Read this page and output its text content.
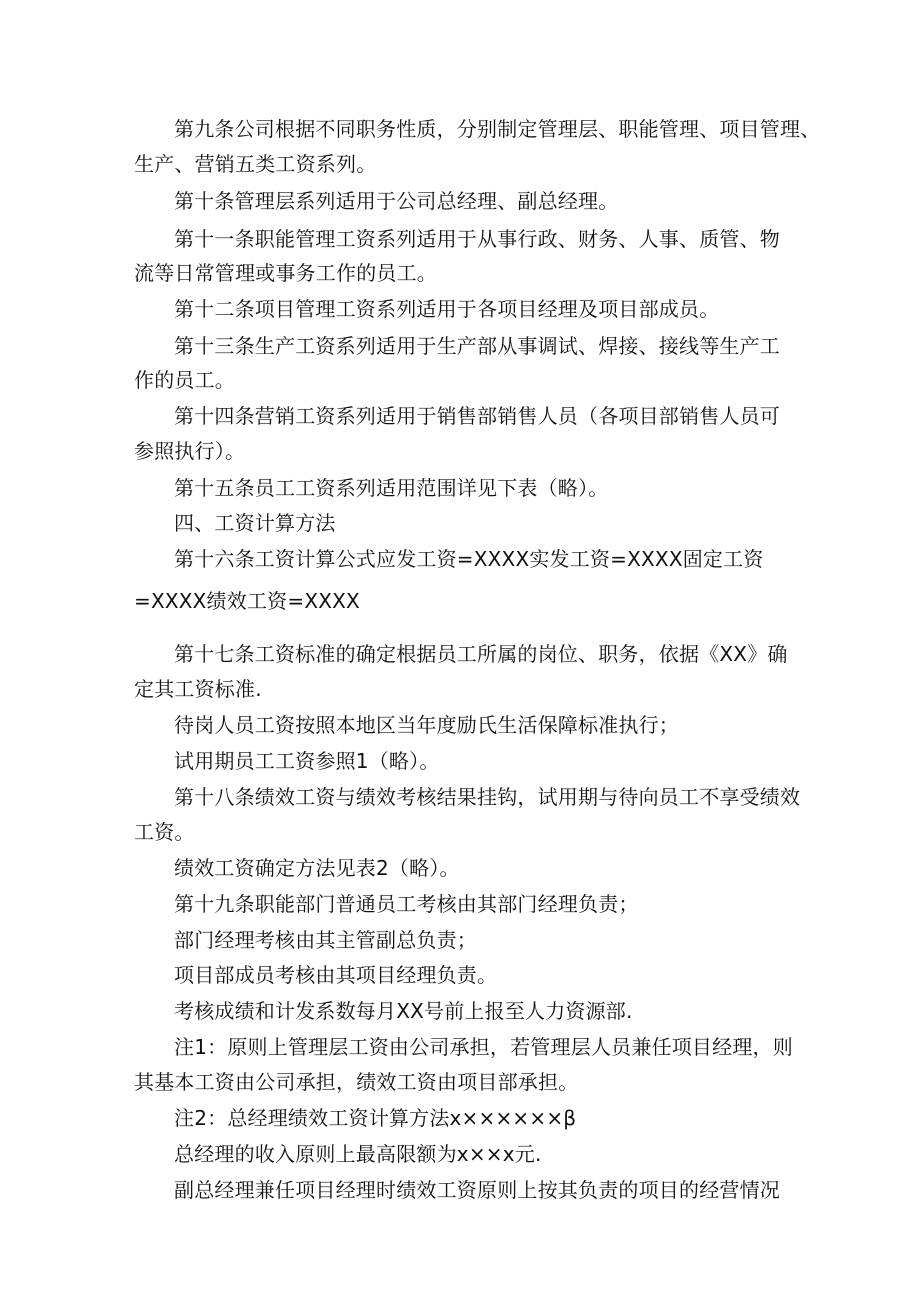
第九条公司根据不同职务性质，分别制定管理层、职能管理、项目管理、
生产、营销五类工资系列。
第十条管理层系列适用于公司总经理、副总经理。
第十一条职能管理工资系列适用于从事行政、财务、人事、质管、物
流等日常管理或事务工作的员工。
第十二条项目管理工资系列适用于各项目经理及项目部成员。
第十三条生产工资系列适用于生产部从事调试、焊接、接线等生产工
作的员工。
第十四条营销工资系列适用于销售部销售人员（各项目部销售人员可
参照执行）。
第十五条员工工资系列适用范围详见下表（略）。
四、工资计算方法
第十六条工资计算公式应发工资=XXXX实发工资=XXXX固定工资
=XXXX绩效工资=XXXX
第十七条工资标准的确定根据员工所属的岗位、职务，依据《XX》确
定其工资标准.
待岗人员工资按照本地区当年度励氏生活保障标准执行；
试用期员工工资参照1（略）。
第十八条绩效工资与绩效考核结果挂钩，试用期与待向员工不享受绩效
工资。
绩效工资确定方法见表2（略）。
第十九条职能部门普通员工考核由其部门经理负责；
部门经理考核由其主管副总负责；
项目部成员考核由其项目经理负责。
考核成绩和计发系数每月XX号前上报至人力资源部.
注1：原则上管理层工资由公司承担，若管理层人员兼任项目经理，则
其基本工资由公司承担，绩效工资由项目部承担。
注2：总经理绩效工资计算方法x××××××β
总经理的收入原则上最高限额为x××x元.
副总经理兼任项目经理时绩效工资原则上按其负责的项目的经营情况
